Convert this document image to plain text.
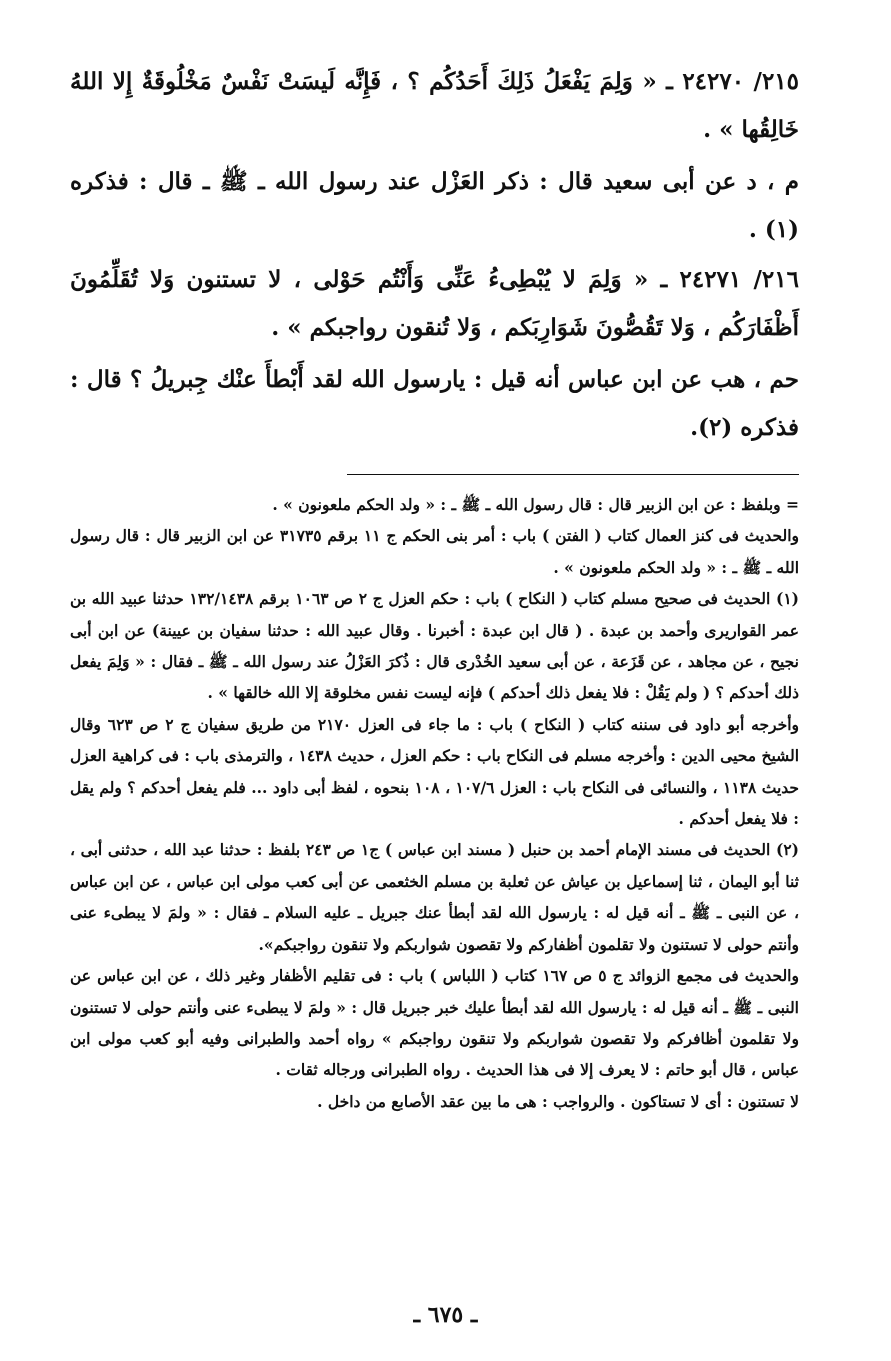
٢١٥/ ٢٤٢٧٠ ـ « وَلِمَ يَفْعَلُ ذَلِكَ أَحَدُكُم ؟ ، فَإِنَّه لَيسَتْ نَفْسٌ مَخْلُوقَةٌ إِلا اللهُ خَالِقُها » .

م ، د عن أبى سعيد قال : ذكر العَزْل عند رسول الله ـ ﷺ ـ قال : فذكره (١) .

٢١٦/ ٢٤٢٧١ ـ « وَلِمَ لا يُبْطِىءُ عَنِّى وَأَنْتُم حَوْلى ، لا تستنون وَلا تُقَلِّمُونَ أَظْفَارَكُم ، وَلا تَقُصُّونَ شَوَارِبَكم ، وَلا تُنقون رواجبكم » .

حم ، هب عن ابن عباس أنه قيل : يارسول الله لقد أَبْطأَ عنْك جِبريلُ ؟ قال : فذكره (٢).

= وبلفظ : عن ابن الزبير قال : قال رسول الله ـ ﷺ ـ : « ولد الحكم ملعونون » .

والحديث فى كنز العمال كتاب ( الفتن ) باب : أمر بنى الحكم ج ١١ برقم ٣١٧٣٥ عن ابن الزبير قال : قال رسول الله ـ ﷺ ـ : « ولد الحكم ملعونون » .

(١) الحديث فى صحيح مسلم كتاب ( النكاح ) باب : حكم العزل ج ٢ ص ١٠٦٣ برقم ١٣٢/١٤٣٨ حدثنا عبيد الله بن عمر القواريرى وأحمد بن عبدة . ( قال ابن عبدة : أخبرنا . وقال عبيد الله : حدثنا سفيان بن عيينة) عن ابن أبى نجيح ، عن مجاهد ، عن قَزَعة ، عن أبى سعيد الخُدْرى قال : ذُكرَ العَزْلُ عند رسول الله ـ ﷺ ـ فقال : « وَلِمَ يفعل ذلك أحدكم ؟ ( ولم يَقُلْ : فلا يفعل ذلك أحدكم ) فإنه ليست نفس مخلوقة إلا الله خالقها » .

وأخرجه أبو داود فى سننه كتاب ( النكاح ) باب : ما جاء فى العزل ٢١٧٠ من طريق سفيان ج ٢ ص ٦٢٣ وقال الشيخ محيى الدين : وأخرجه مسلم فى النكاح باب : حكم العزل ، حديث ١٤٣٨ ، والترمذى باب : فى كراهية العزل حديث ١١٣٨ ، والنسائى فى النكاح باب : العزل ١٠٧/٦ ، ١٠٨ بنحوه ، لفظ أبى داود ... فلم يفعل أحدكم ؟ ولم يقل : فلا يفعل أحدكم .

(٢) الحديث فى مسند الإمام أحمد بن حنبل ( مسند ابن عباس ) ج١ ص ٢٤٣ بلفظ : حدثنا عبد الله ، حدثنى أبى ، ثنا أبو اليمان ، ثنا إسماعيل بن عياش عن ثعلبة بن مسلم الخثعمى عن أبى كعب مولى ابن عباس ، عن ابن عباس ، عن النبى ـ ﷺ ـ أنه قيل له : يارسول الله لقد أبطأ عنك جبريل ـ عليه السلام ـ فقال : « ولمَ لا يبطىء عنى وأنتم حولى لا تستنون ولا تقلمون أظفاركم ولا تقصون شواربكم ولا تنقون رواجبكم».

والحديث فى مجمع الزوائد ج ٥ ص ١٦٧ كتاب ( اللباس ) باب : فى تقليم الأظفار وغير ذلك ، عن ابن عباس عن النبى ـ ﷺ ـ أنه قيل له : يارسول الله لقد أبطأ عليك خبر جبريل قال : « ولمَ لا يبطىء عنى وأنتم حولى لا تستنون ولا تقلمون أظافركم ولا تقصون شواربكم ولا تنقون رواجبكم » رواه أحمد والطبرانى وفيه أبو كعب مولى ابن عباس ، قال أبو حاتم : لا يعرف إلا فى هذا الحديث . رواه الطبرانى ورجاله ثقات .

لا تستنون : أى لا تستاكون . والرواجب : هى ما بين عقد الأصابع من داخل .

ـ ٦٧٥ ـ
